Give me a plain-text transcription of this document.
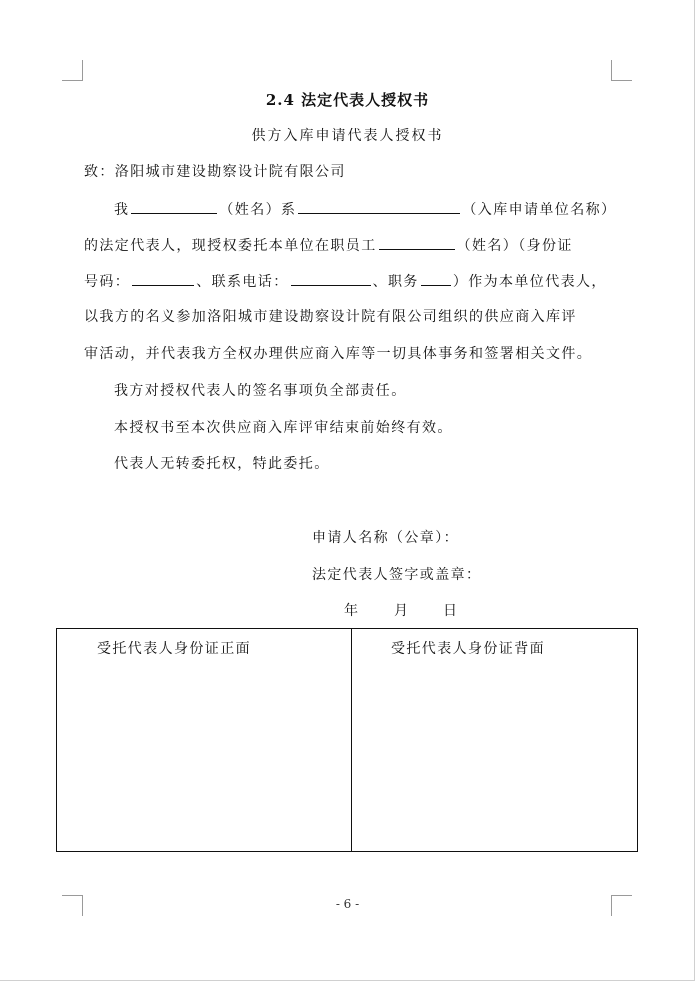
2.4 法定代表人授权书
供方入库申请代表人授权书
致：洛阳城市建设勘察设计院有限公司
我	（姓名）系	（入库申请单位名称）
的法定代表人，现授权委托本单位在职员工	（姓名）（身份证
号码：	、联系电话：	、职务 ）作为本单位代表人，
以我方的名义参加洛阳城市建设勘察设计院有限公司组织的供应商入库评
审活动，并代表我方全权办理供应商入库等一切具体事务和签署相关文件。
我方对授权代表人的签名事项负全部责任。
本授权书至本次供应商入库评审结束前始终有效。
代表人无转委托权，特此委托。
申请人名称（公章）：
法定代表人签字或盖章：
年	月	日
受托代表人身份证正面	受托代表人身份证背面
- 6 -
